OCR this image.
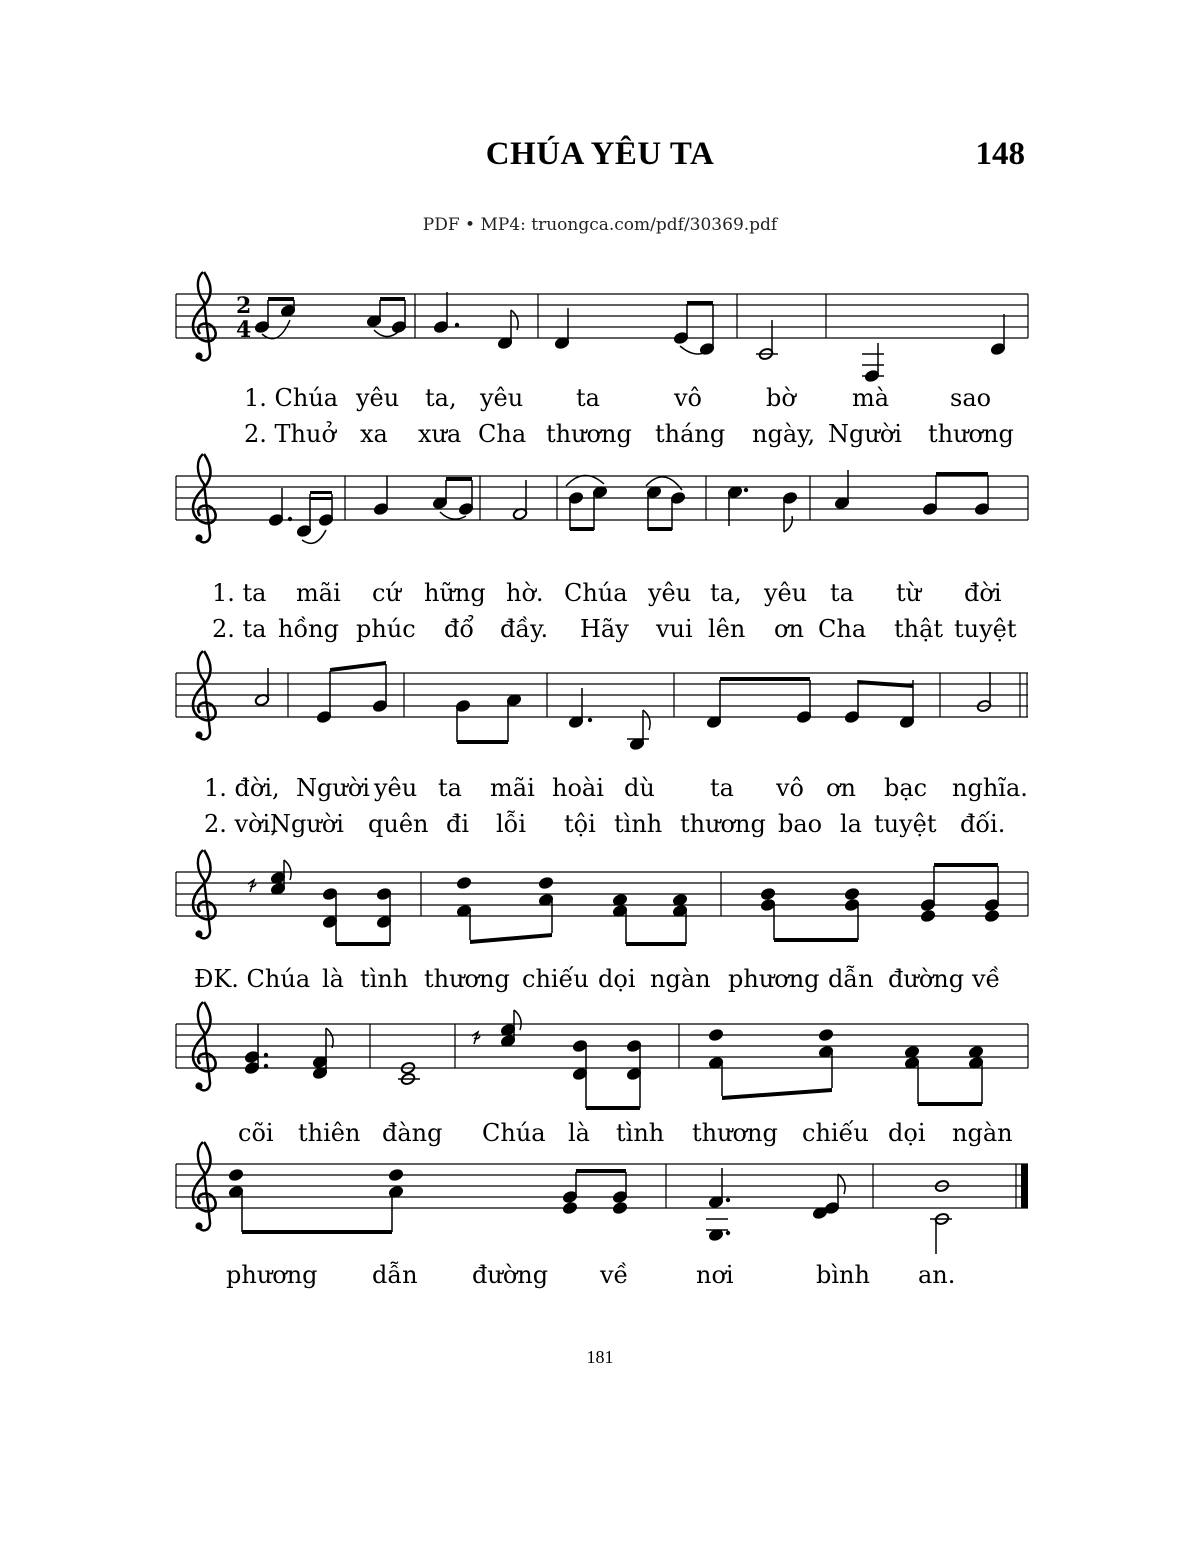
CHÚA YÊU TA	148
PDF • MP4: truongca.com/pdf/30369.pdf
2
4
1. Chúa yêu ta, yêu ta	vô	bờ mà	sao
2. Thuở xa xưa Cha thương tháng ngày, Người thương
1. ta mãi cứ hững hờ. Chúa yêu ta, yêu ta từ đời
2. ta hồng phúc đổ đầy. Hãy vui lên ơn Cha thật tuyệt
1. đời, Người yêu ta mãi hoài dù ta vô ơn bạc nghĩa.
2. vời,
Người quên đi lỗi tội tình thương bao la tuyệt đối.
ĐK. Chúa là tình thương chiếu dọi ngàn phương dẫn đường về
cõi thiên đàng Chúa là tình thương chiếu dọi ngàn
phương dẫn đường về	nơi	bình an.
181
